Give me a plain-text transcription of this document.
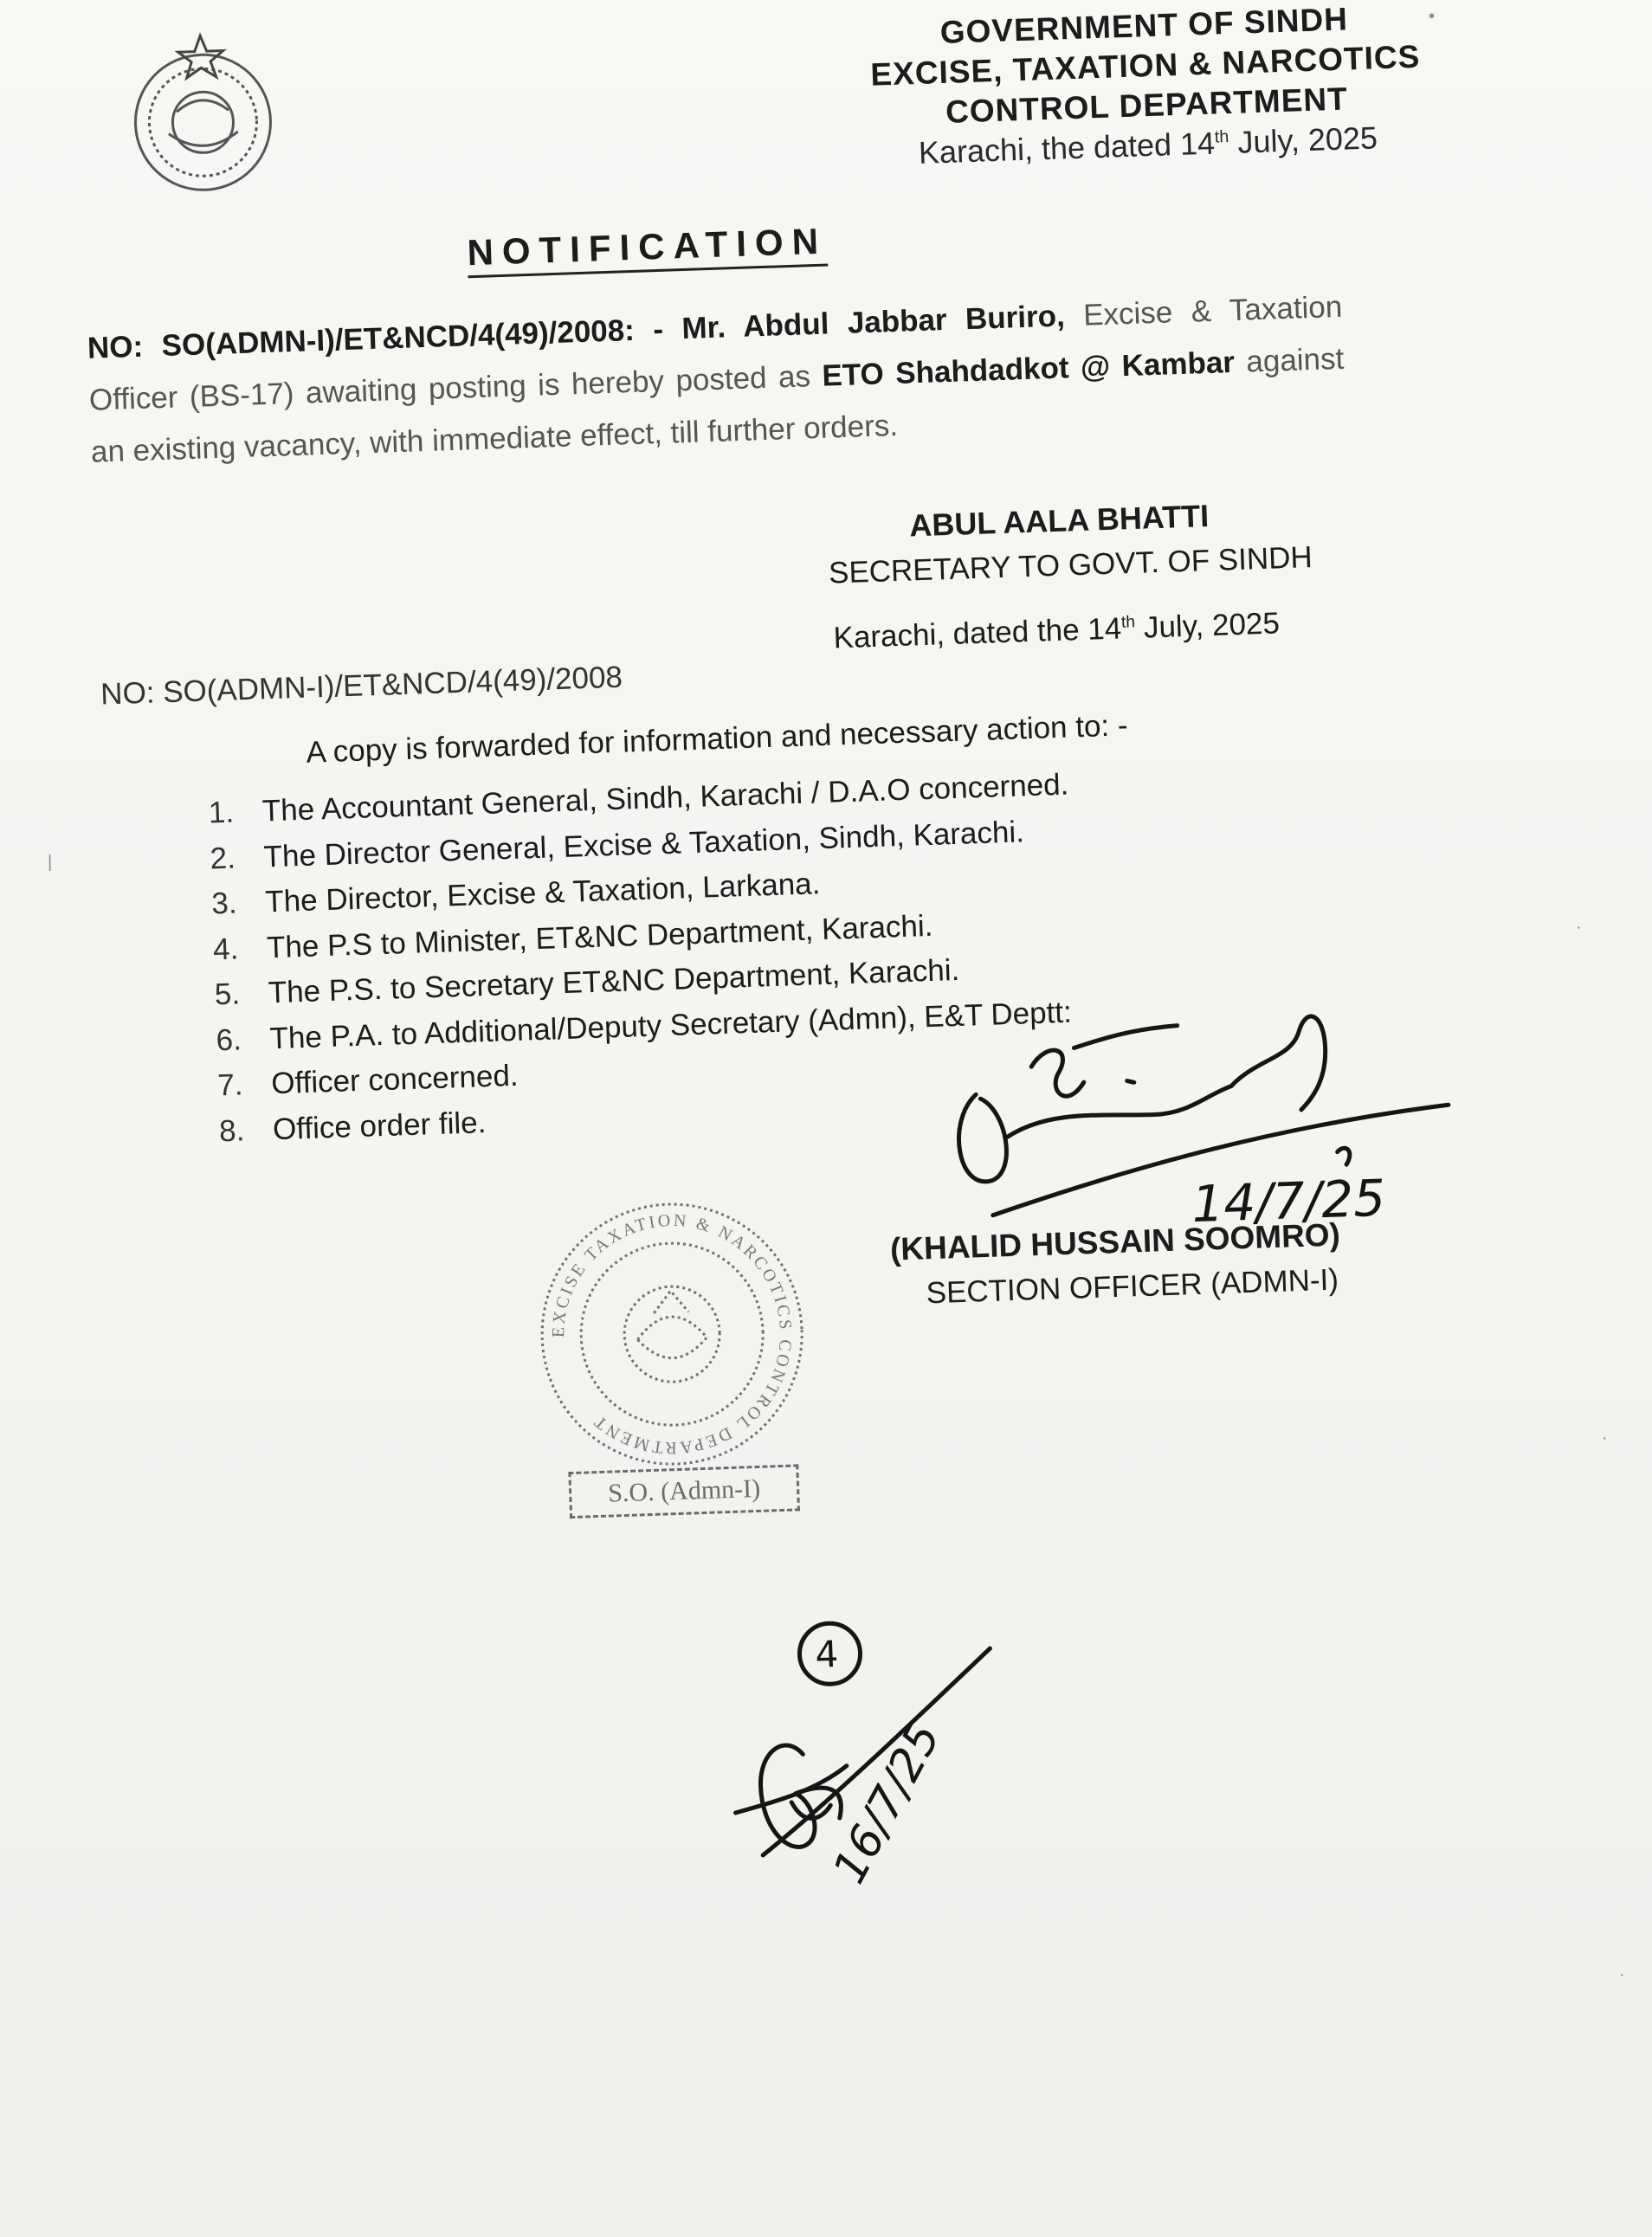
GOVERNMENT OF SINDH
EXCISE, TAXATION & NARCOTICS
CONTROL DEPARTMENT
Karachi, the dated 14th July, 2025
NOTIFICATION
NO: SO(ADMN-I)/ET&NCD/4(49)/2008: - Mr. Abdul Jabbar Buriro, Excise & Taxation Officer (BS-17) awaiting posting is hereby posted as ETO Shahdadkot @ Kambar against an existing vacancy, with immediate effect, till further orders.
ABUL AALA BHATTI
SECRETARY TO GOVT. OF SINDH
NO: SO(ADMN-I)/ET&NCD/4(49)/2008
Karachi, dated the 14th July, 2025
A copy is forwarded for information and necessary action to: -
1. The Accountant General, Sindh, Karachi / D.A.O concerned.
2. The Director General, Excise & Taxation, Sindh, Karachi.
3. The Director, Excise & Taxation, Larkana.
4. The P.S to Minister, ET&NC Department, Karachi.
5. The P.S. to Secretary ET&NC Department, Karachi.
6. The P.A. to Additional/Deputy Secretary (Admn), E&T Deptt:
7. Officer concerned.
8. Office order file.
14/7/25
(KHALID HUSSAIN SOOMRO)
SECTION OFFICER (ADMN-I)
EXCISE TAXATION & NARCOTICS CONTROL DEPARTMENT
S.O. (Admn-I)
4
16/7/25
•
|
·
·
·
